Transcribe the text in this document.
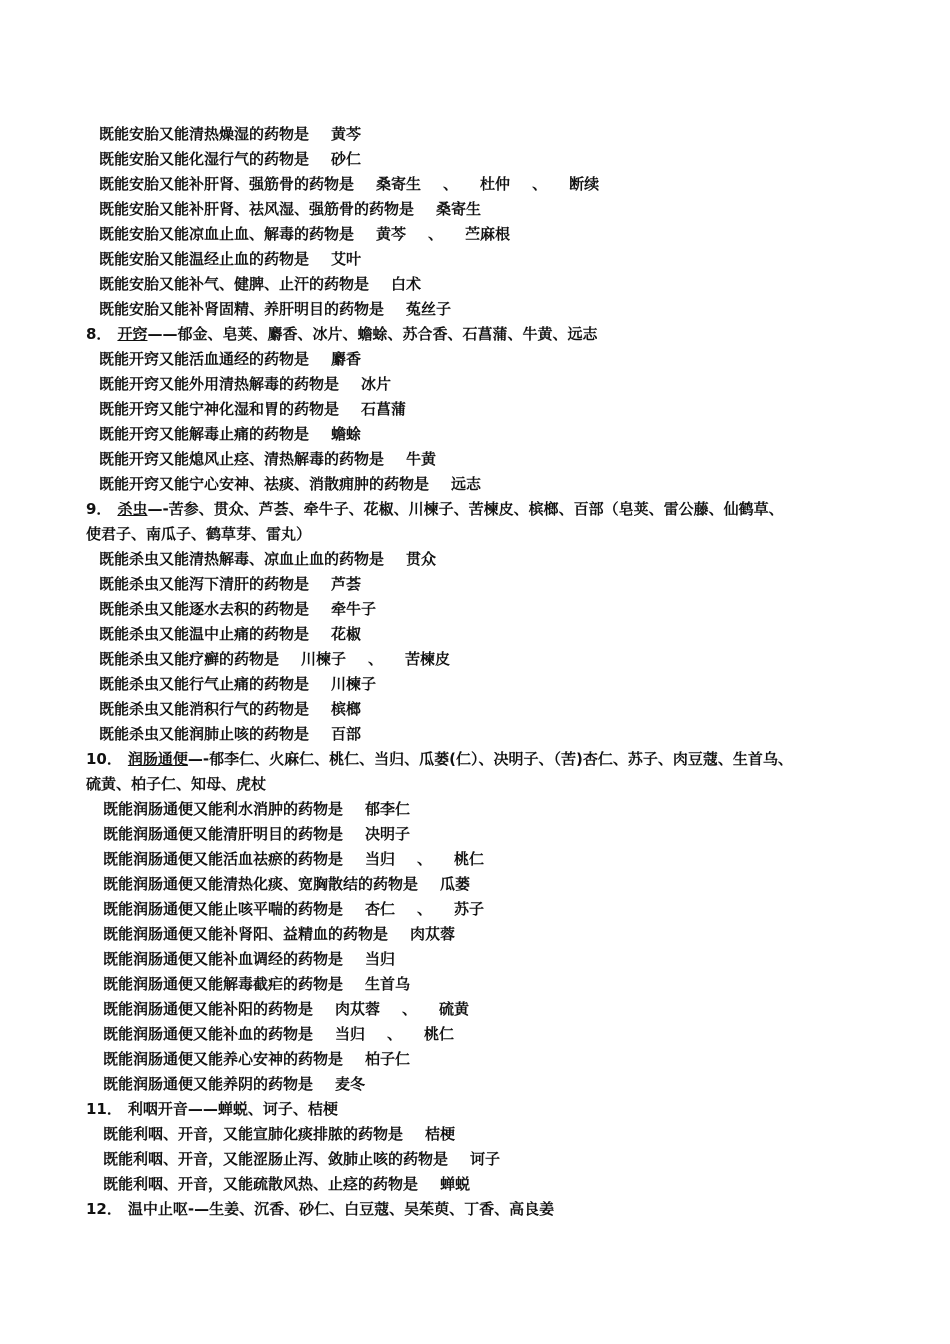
既能安胎又能清热燥湿的药物是 黄芩
既能安胎又能化湿行气的药物是 砂仁
既能安胎又能补肝肾、强筋骨的药物是 桑寄生 、 杜仲 、 断续
既能安胎又能补肝肾、祛风湿、强筋骨的药物是 桑寄生
既能安胎又能凉血止血、解毒的药物是 黄芩 、 苎麻根
既能安胎又能温经止血的药物是 艾叶
既能安胎又能补气、健脾、止汗的药物是 白术
既能安胎又能补肾固精、养肝明目的药物是 菟丝子
8． 开窍——郁金、皂荚、麝香、冰片、蟾蜍、苏合香、石菖蒲、牛黄、远志
既能开窍又能活血通经的药物是 麝香
既能开窍又能外用清热解毒的药物是 冰片
既能开窍又能宁神化湿和胃的药物是 石菖蒲
既能开窍又能解毒止痛的药物是 蟾蜍
既能开窍又能熄风止痉、清热解毒的药物是 牛黄
既能开窍又能宁心安神、祛痰、消散痈肿的药物是 远志
9． 杀虫—-苦参、贯众、芦荟、牵牛子、花椒、川楝子、苦楝皮、槟榔、百部（皂荚、雷公藤、仙鹤草、
使君子、南瓜子、鹤草芽、雷丸）
既能杀虫又能清热解毒、凉血止血的药物是 贯众
既能杀虫又能泻下清肝的药物是 芦荟
既能杀虫又能逐水去积的药物是 牵牛子
既能杀虫又能温中止痛的药物是 花椒
既能杀虫又能疗癣的药物是 川楝子 、 苦楝皮
既能杀虫又能行气止痛的药物是 川楝子
既能杀虫又能消积行气的药物是 槟榔
既能杀虫又能润肺止咳的药物是 百部
10． 润肠通便—-郁李仁、火麻仁、桃仁、当归、瓜蒌(仁）、决明子、（苦)杏仁、苏子、肉豆蔻、生首乌、
硫黄、柏子仁、知母、虎杖
既能润肠通便又能利水消肿的药物是 郁李仁
既能润肠通便又能清肝明目的药物是 决明子
既能润肠通便又能活血祛瘀的药物是 当归 、 桃仁
既能润肠通便又能清热化痰、宽胸散结的药物是 瓜蒌
既能润肠通便又能止咳平喘的药物是 杏仁 、 苏子
既能润肠通便又能补肾阳、益精血的药物是 肉苁蓉
既能润肠通便又能补血调经的药物是 当归
既能润肠通便又能解毒截疟的药物是 生首乌
既能润肠通便又能补阳的药物是 肉苁蓉 、 硫黄
既能润肠通便又能补血的药物是 当归 、 桃仁
既能润肠通便又能养心安神的药物是 柏子仁
既能润肠通便又能养阴的药物是 麦冬
11． 利咽开音——蝉蜕、诃子、桔梗
既能利咽、开音，又能宣肺化痰排脓的药物是 桔梗
既能利咽、开音，又能涩肠止泻、敛肺止咳的药物是 诃子
既能利咽、开音，又能疏散风热、止痉的药物是 蝉蜕
12． 温中止呕-—生姜、沉香、砂仁、白豆蔻、吴茱萸、丁香、高良姜
